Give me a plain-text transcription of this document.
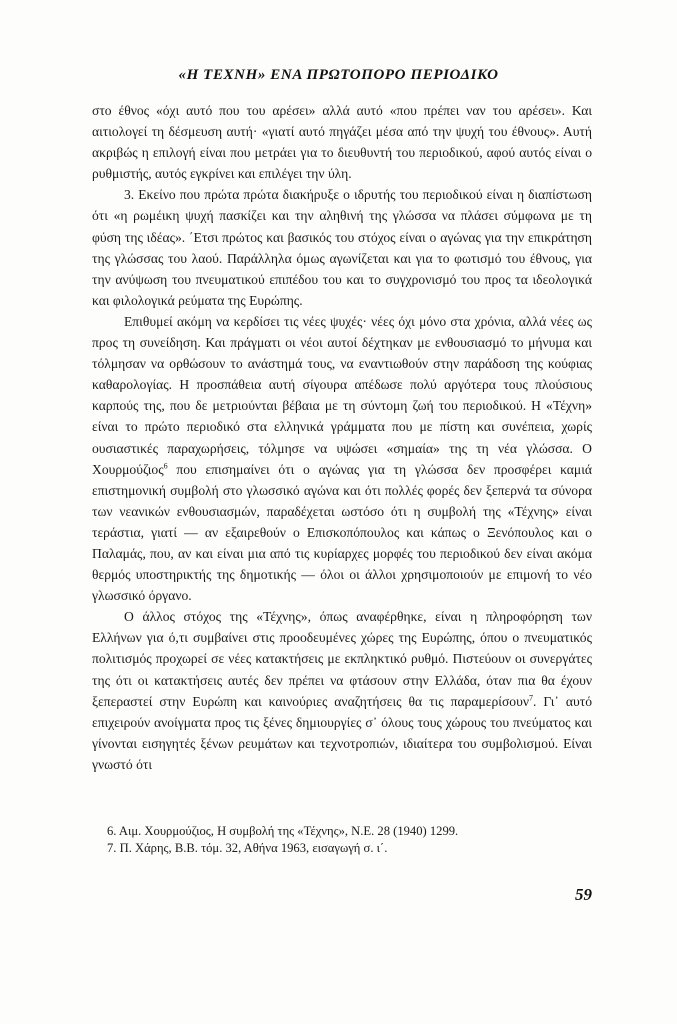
«Η ΤΕΧΝΗ» ΕΝΑ ΠΡΩΤΟΠΟΡΟ ΠΕΡΙΟΔΙΚΟ

στο έθνος «όχι αυτό που του αρέσει» αλλά αυτό «που πρέπει ναν του αρέσει». Και αιτιολογεί τη δέσμευση αυτή· «γιατί αυτό πηγάζει μέσα από την ψυχή του έθνους». Αυτή ακριβώς η επιλογή είναι που μετράει για το διευθυντή του περιοδικού, αφού αυτός είναι ο ρυθμιστής, αυτός εγκρίνει και επιλέγει την ύλη.

3. Εκείνο που πρώτα πρώτα διακήρυξε ο ιδρυτής του περιοδικού είναι η διαπίστωση ότι «η ρωμέικη ψυχή πασκίζει και την αληθινή της γλώσσα να πλάσει σύμφωνα με τη φύση της ιδέας». ΄Ετσι πρώτος και βασικός του στόχος είναι ο αγώνας για την επικράτηση της γλώσσας του λαού. Παράλληλα όμως αγωνίζεται και για το φωτισμό του έθνους, για την ανύψωση του πνευματικού επιπέδου του και το συγχρονισμό του προς τα ιδεολογικά και φιλολογικά ρεύματα της Ευρώπης.

Επιθυμεί ακόμη να κερδίσει τις νέες ψυχές· νέες όχι μόνο στα χρόνια, αλλά νέες ως προς τη συνείδηση. Και πράγματι οι νέοι αυτοί δέχτηκαν με ενθουσιασμό το μήνυμα και τόλμησαν να ορθώσουν το ανάστημά τους, να εναντιωθούν στην παράδοση της κούφιας καθαρολογίας. Η προσπάθεια αυτή σίγουρα απέδωσε πολύ αργότερα τους πλούσιους καρπούς της, που δε μετριούνται βέβαια με τη σύντομη ζωή του περιοδικού. Η «Τέχνη» είναι το πρώτο περιοδικό στα ελληνικά γράμματα που με πίστη και συνέπεια, χωρίς ουσιαστικές παραχωρήσεις, τόλμησε να υψώσει «σημαία» της τη νέα γλώσσα. Ο Χουρμούζιος$^6$ που επισημαίνει ότι ο αγώνας για τη γλώσσα δεν προσφέρει καμιά επιστημονική συμβολή στο γλωσσικό αγώνα και ότι πολλές φορές δεν ξεπερνά τα σύνορα των νεανικών ενθουσιασμών, παραδέχεται ωστόσο ότι η συμβολή της «Τέχνης» είναι τεράστια, γιατί — αν εξαιρεθούν ο Επισκοπόπουλος και κάπως ο Ξενόπουλος και ο Παλαμάς, που, αν και είναι μια από τις κυρίαρχες μορφές του περιοδικού δεν είναι ακόμα θερμός υποστηρικτής της δημοτικής — όλοι οι άλλοι χρησιμοποιούν με επιμονή το νέο γλωσσικό όργανο.

Ο άλλος στόχος της «Τέχνης», όπως αναφέρθηκε, είναι η πληροφόρηση των Ελλήνων για ό,τι συμβαίνει στις προοδευμένες χώρες της Ευρώπης, όπου ο πνευματικός πολιτισμός προχωρεί σε νέες κατακτήσεις με εκπληκτικό ρυθμό. Πιστεύουν οι συνεργάτες της ότι οι κατακτήσεις αυτές δεν πρέπει να φτάσουν στην Ελλάδα, όταν πια θα έχουν ξεπεραστεί στην Ευρώπη και καινούριες αναζητήσεις θα τις παραμερίσουν$^7$. Γι᾽ αυτό επιχειρούν ανοίγματα προς τις ξένες δημιουργίες σ᾽ όλους τους χώρους του πνεύματος και γίνονται εισηγητές ξένων ρευμάτων και τεχνοτροπιών, ιδιαίτερα του συμβολισμού. Είναι γνωστό ότι

6. Αιμ. Χουρμούζιος, Η συμβολή της «Τέχνης», Ν.Ε. 28 (1940) 1299.
7. Π. Χάρης, Β.Β. τόμ. 32, Αθήνα 1963, εισαγωγή σ. ι΄.
59
